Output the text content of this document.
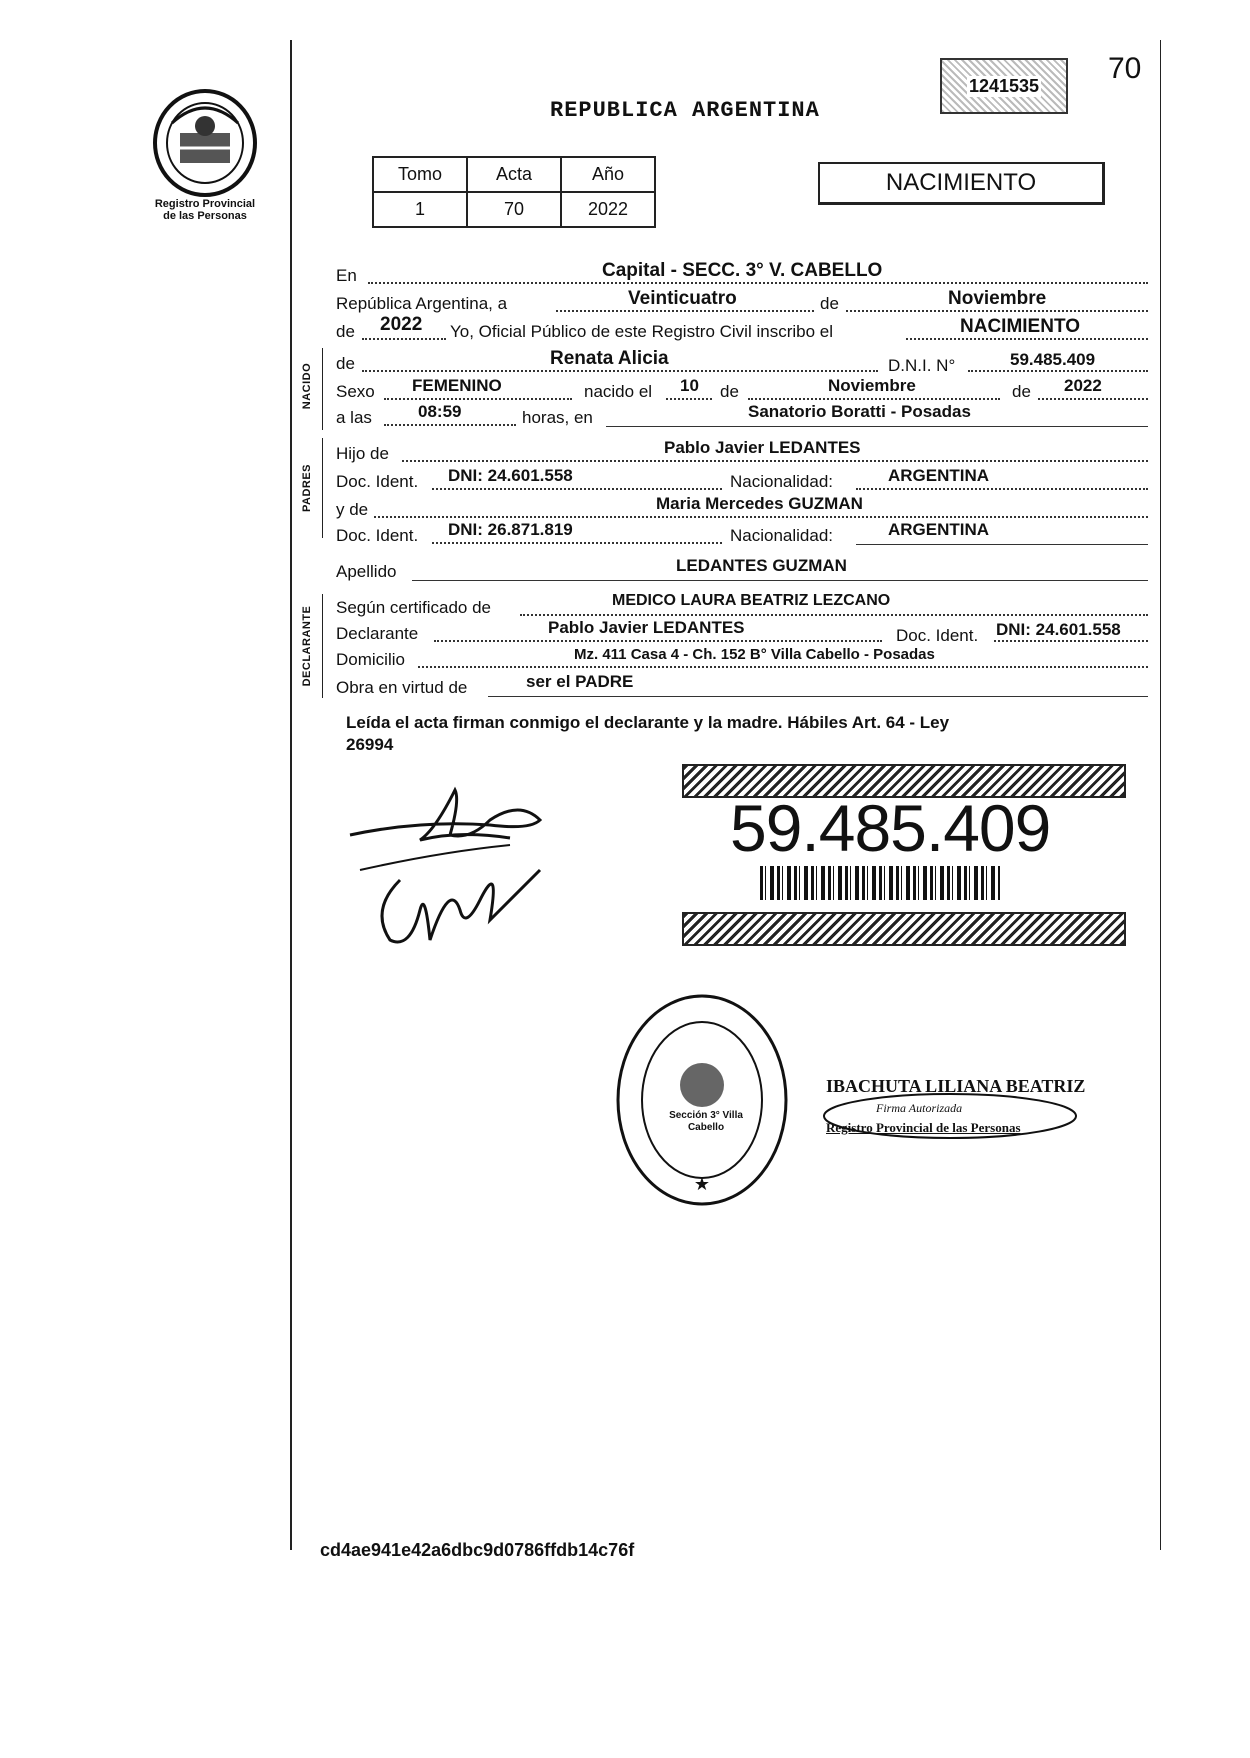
Registro Provincial
de las Personas
1241535
70
REPUBLICA ARGENTINA
Tomo	Acta	Año
1	70	2022
NACIMIENTO
En	Capital - SECC. 3° V. CABELLO
República Argentina, a	Veinticuatro	de	Noviembre
de 2022 Yo, Oficial Público de este Registro Civil inscribo el	NACIMIENTO
NACIDO de	Renata Alicia	D.N.I. N°	59.485.409
Sexo FEMENINO	nacido el 10 de	Noviembre	de 2022
a las	08:59	horas, en	Sanatorio Boratti - Posadas
PADRES
Hijo de	Pablo Javier LEDANTES
Doc. Ident. DNI: 24.601.558	Nacionalidad:	ARGENTINA
y de	Maria Mercedes GUZMAN
Doc. Ident. DNI: 26.871.819	Nacionalidad:	ARGENTINA
Apellido	LEDANTES GUZMAN
DECLARANTE Según certificado de	MEDICO LAURA BEATRIZ LEZCANO
Declarante	Pablo Javier LEDANTES	Doc. Ident. DNI: 24.601.558
Domicilio	Mz. 411 Casa 4 - Ch. 152 B° Villa Cabello - Posadas
Obra en virtud de	ser el PADRE
Leída el acta firman conmigo el declarante y la madre. Hábiles Art. 64 - Ley
26994
59.485.409
★
DELEGACIÓN DEL REGISTRO PROVINCIAL DE LAS PERSONAS
Sección 3° Villa Cabello
IBACHUTA LILIANA BEATRIZ
Firma Autorizada
Registro Provincial de las Personas
cd4ae941e42a6dbc9d0786ffdb14c76f
